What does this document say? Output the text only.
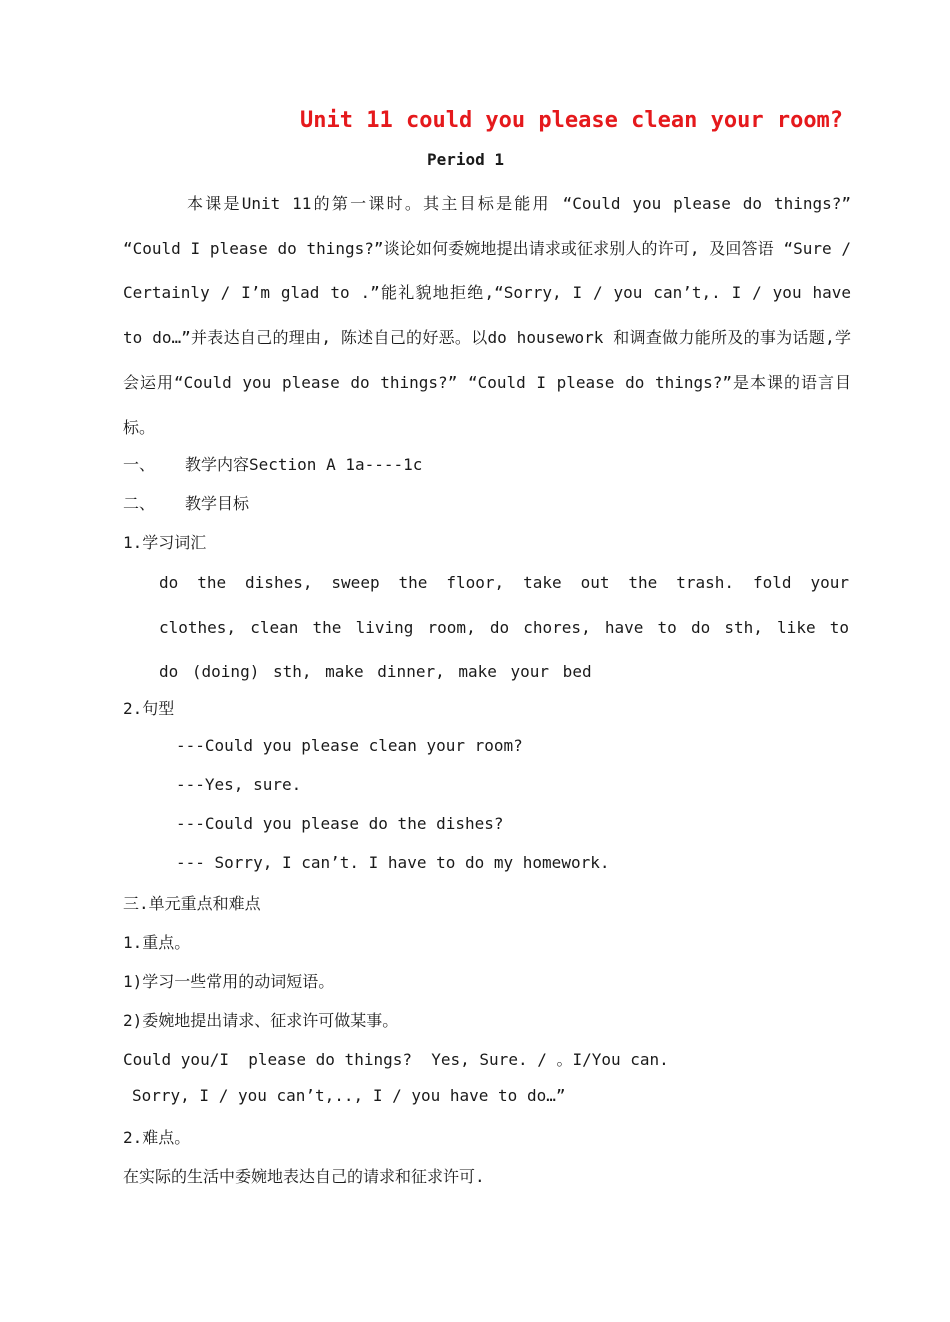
Unit 11 could you please clean your room?
Period 1
本课是Unit 11的第一课时。其主目标是能用 “Could you please do things?” “Could I please do things?”谈论如何委婉地提出请求或征求别人的许可, 及回答语 “Sure / Certainly / I’m glad to .”能礼貌地拒绝,“Sorry, I / you can’t,. I / you have to do…”并表达自己的理由, 陈述自己的好恶。以do housework 和调查做力能所及的事为话题,学会运用“Could you please do things?” “Could I please do things?”是本课的语言目标。
一、 教学内容Section A 1a----1c
二、 教学目标
1.学习词汇
do the dishes, sweep the floor, take out the trash. fold your clothes, clean the living room, do chores, have to do sth, like to do (doing) sth, make dinner, make your bed
2.句型
---Could you please clean your room?
---Yes, sure.
---Could you please do the dishes?
--- Sorry, I can’t. I have to do my homework.
三.单元重点和难点
1.重点。
1)学习一些常用的动词短语。
2)委婉地提出请求、征求许可做某事。
Could you/I  please do things?  Yes, Sure. / 。I/You can.
Sorry, I / you can’t,.., I / you have to do…”
2.难点。
在实际的生活中委婉地表达自己的请求和征求许可.
